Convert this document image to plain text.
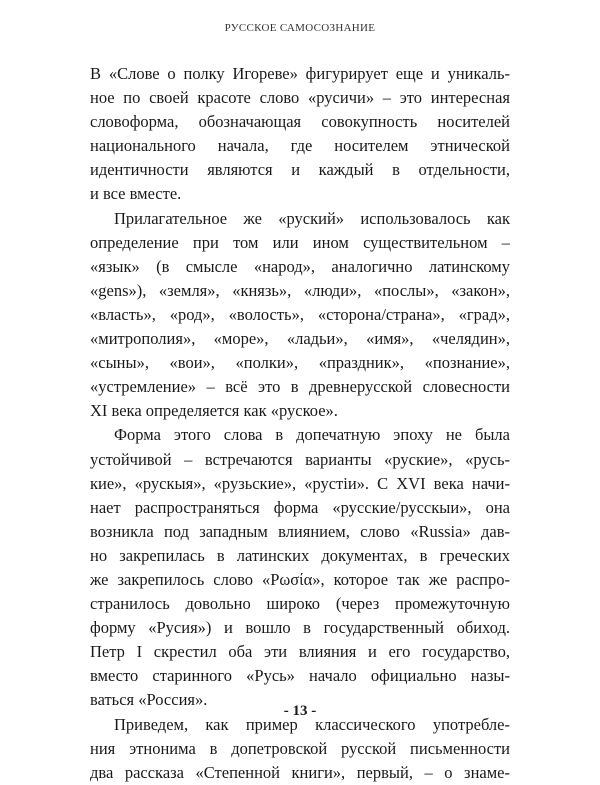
РУССКОЕ САМОСОЗНАНИЕ
В «Слове о полку Игореве» фигурирует еще и уникаль-
ное по своей красоте слово «русичи» – это интересная
словоформа, обозначающая совокупность носителей
национального начала, где носителем этнической
идентичности являются и каждый в отдельности,
и все вместе.
Прилагательное же «руский» использовалось как
определение при том или ином существительном –
«язык» (в смысле «народ», аналогично латинскому
«gens»), «земля», «князь», «люди», «послы», «закон»,
«власть», «род», «волость», «сторона/страна», «град»,
«митрополия», «море», «ладьи», «имя», «челядин»,
«сыны», «вои», «полки», «праздник», «познание»,
«устремление» – всё это в древнерусской словесности
XI века определяется как «руское».
Форма этого слова в допечатную эпоху не была
устойчивой – встречаются варианты «руские», «русь-
кие», «рускыя», «рузьские», «рустіи». С XVI века начи-
нает распространяться форма «русские/русскыи», она
возникла под западным влиянием, слово «Russia» дав-
но закрепилась в латинских документах, в греческих
же закрепилось слово «Ρωσία», которое так же распро-
странилось довольно широко (через промежуточную
форму «Русия») и вошло в государственный обиход.
Петр I скрестил оба эти влияния и его государство,
вместо старинного «Русь» начало официально назы-
ваться «Россия».
Приведем, как пример классического употребле-
ния этнонима в допетровской русской письменности
два рассказа «Степенной книги», первый, – о знаме-
- 13 -
